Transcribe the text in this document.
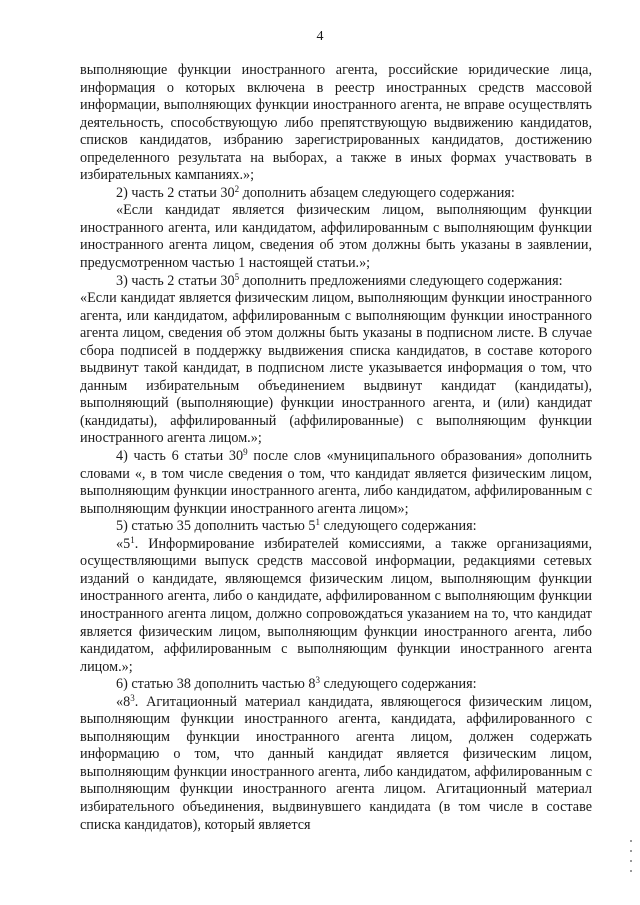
4

выполняющие функции иностранного агента, российские юридические лица, информация о которых включена в реестр иностранных средств массовой информации, выполняющих функции иностранного агента, не вправе осуществлять деятельность, способствующую либо препятствующую выдвижению кандидатов, списков кандидатов, избранию зарегистрированных кандидатов, достижению определенного результата на выборах, а также в иных формах участвовать в избирательных кампаниях.»;

2) часть 2 статьи $30^2$ дополнить абзацем следующего содержания:

«Если кандидат является физическим лицом, выполняющим функции иностранного агента, или кандидатом, аффилированным с выполняющим функции иностранного агента лицом, сведения об этом должны быть указаны в заявлении, предусмотренном частью 1 настоящей статьи.»;

3) часть 2 статьи $30^5$ дополнить предложениями следующего содержания:

«Если кандидат является физическим лицом, выполняющим функции иностранного агента, или кандидатом, аффилированным с выполняющим функции иностранного агента лицом, сведения об этом должны быть указаны в подписном листе. В случае сбора подписей в поддержку выдвижения списка кандидатов, в составе которого выдвинут такой кандидат, в подписном листе указывается информация о том, что данным избирательным объединением выдвинут кандидат (кандидаты), выполняющий (выполняющие) функции иностранного агента, и (или) кандидат (кандидаты), аффилированный (аффилированные) с выполняющим функции иностранного агента лицом.»;

4) часть 6 статьи $30^9$ после слов «муниципального образования» дополнить словами «, в том числе сведения о том, что кандидат является физическим лицом, выполняющим функции иностранного агента, либо кандидатом, аффилированным с выполняющим функции иностранного агента лицом»;

5) статью 35 дополнить частью $5^1$ следующего содержания:

«$5^1$. Информирование избирателей комиссиями, а также организациями, осуществляющими выпуск средств массовой информации, редакциями сетевых изданий о кандидате, являющемся физическим лицом, выполняющим функции иностранного агента, либо о кандидате, аффилированном с выполняющим функции иностранного агента лицом, должно сопровождаться указанием на то, что кандидат является физическим лицом, выполняющим функции иностранного агента, либо кандидатом, аффилированным с выполняющим функции иностранного агента лицом.»;

6) статью 38 дополнить частью $8^3$ следующего содержания:

«$8^3$. Агитационный материал кандидата, являющегося физическим лицом, выполняющим функции иностранного агента, кандидата, аффилированного с выполняющим функции иностранного агента лицом, должен содержать информацию о том, что данный кандидат является физическим лицом, выполняющим функции иностранного агента, либо кандидатом, аффилированным с выполняющим функции иностранного агента лицом. Агитационный материал избирательного объединения, выдвинувшего кандидата (в том числе в составе списка кандидатов), который является
